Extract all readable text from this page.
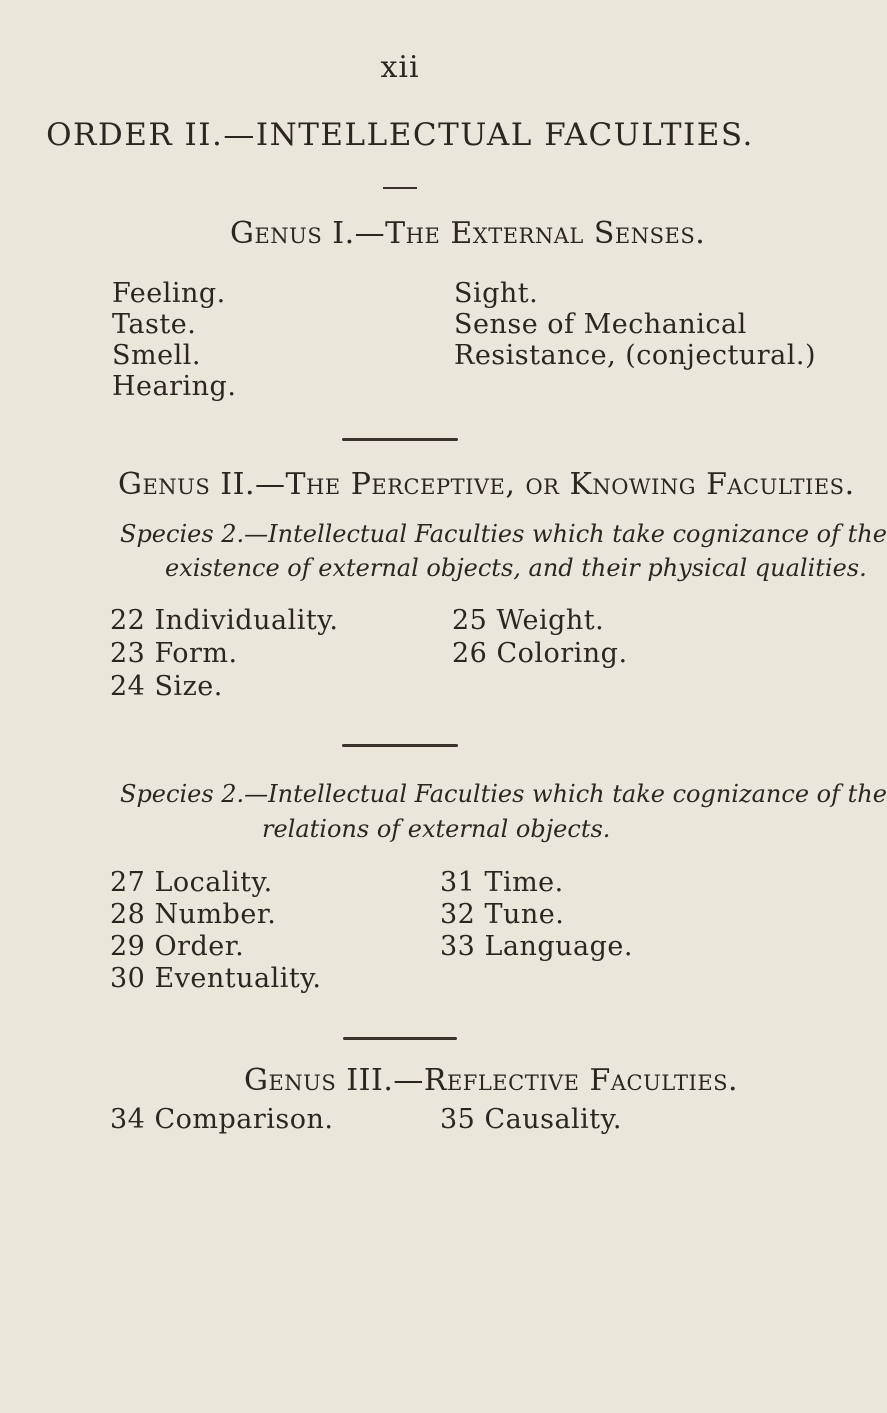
xii
ORDER II.—INTELLECTUAL FACULTIES.
Genus I.—The External Senses.
Feeling.
Taste.
Smell.
Hearing.
Sight.
Sense of Mechanical
Resistance, (conjectural.)
Genus II.—The Perceptive, or Knowing Faculties.
Species 2.—Intellectual Faculties which take cognizance of the
existence of external objects, and their physical qualities.
22 Individuality.
23 Form.
24 Size.
25 Weight.
26 Coloring.
Species 2.—Intellectual Faculties which take cognizance of the
relations of external objects.
27 Locality.
28 Number.
29 Order.
30 Eventuality.
31 Time.
32 Tune.
33 Language.
Genus III.—Reflective Faculties.
34 Comparison.	35 Causality.
